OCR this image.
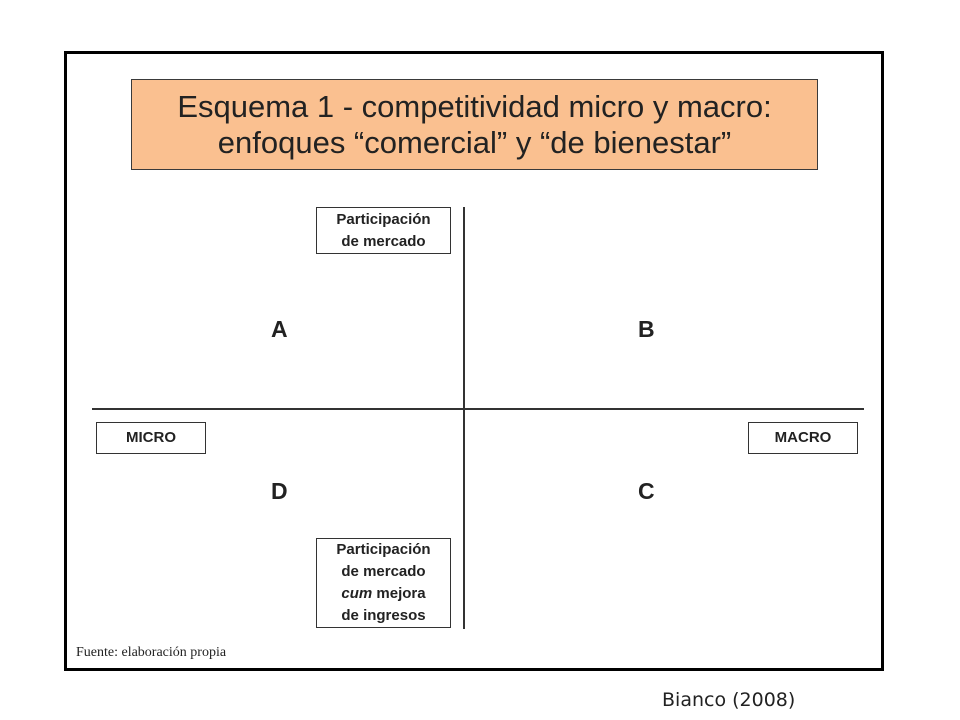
Esquema 1 - competitividad micro y macro:
enfoques “comercial” y “de bienestar”
Participación
de mercado
Participación
de mercado
cum mejora
de ingresos
MICRO	MACRO
A	B
D	C
Fuente: elaboración propia
Bianco (2008)
